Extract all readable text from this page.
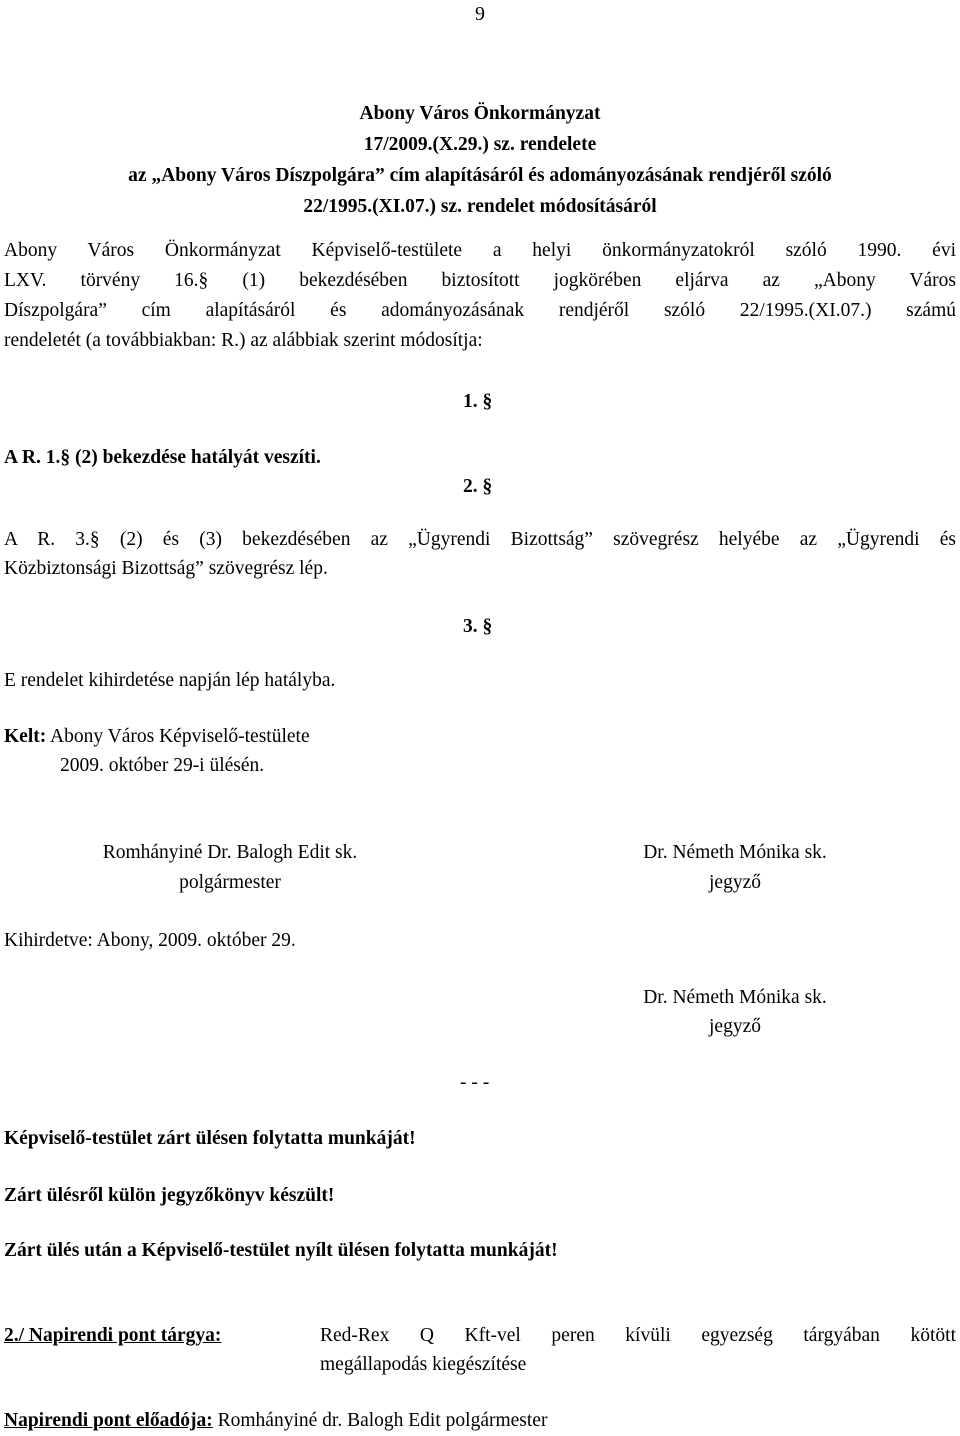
9
Abony Város Önkormányzat
17/2009.(X.29.) sz. rendelete
az „Abony Város Díszpolgára” cím alapításáról és adományozásának rendjéről szóló
22/1995.(XI.07.) sz. rendelet módosításáról
Abony Város Önkormányzat Képviselő-testülete a helyi önkormányzatokról szóló 1990. évi
LXV. törvény 16.§ (1) bekezdésében biztosított jogkörében eljárva az „Abony Város
Díszpolgára” cím alapításáról és adományozásának rendjéről szóló 22/1995.(XI.07.) számú
rendeletét (a továbbiakban: R.) az alábbiak szerint módosítja:
1. §
A R. 1.§ (2) bekezdése hatályát veszíti.
2. §
A R. 3.§ (2) és (3) bekezdésében az „Ügyrendi Bizottság” szövegrész helyébe az „Ügyrendi és
Közbiztonsági Bizottság” szövegrész lép.
3. §
E rendelet kihirdetése napján lép hatályba.
Kelt: Abony Város Képviselő-testülete
2009. október 29-i ülésén.
Romhányiné Dr. Balogh Edit sk.
polgármester
Dr. Németh Mónika sk.
jegyző
Kihirdetve: Abony, 2009. október 29.
Dr. Németh Mónika sk.
jegyző
- - -
Képviselő-testület zárt ülésen folytatta munkáját!
Zárt ülésről külön jegyzőkönyv készült!
Zárt ülés után a Képviselő-testület nyílt ülésen folytatta munkáját!
2./ Napirendi pont tárgya:	Red-Rex Q Kft-vel peren kívüli egyezség tárgyában kötött
megállapodás kiegészítése
Napirendi pont előadója: Romhányiné dr. Balogh Edit polgármester
